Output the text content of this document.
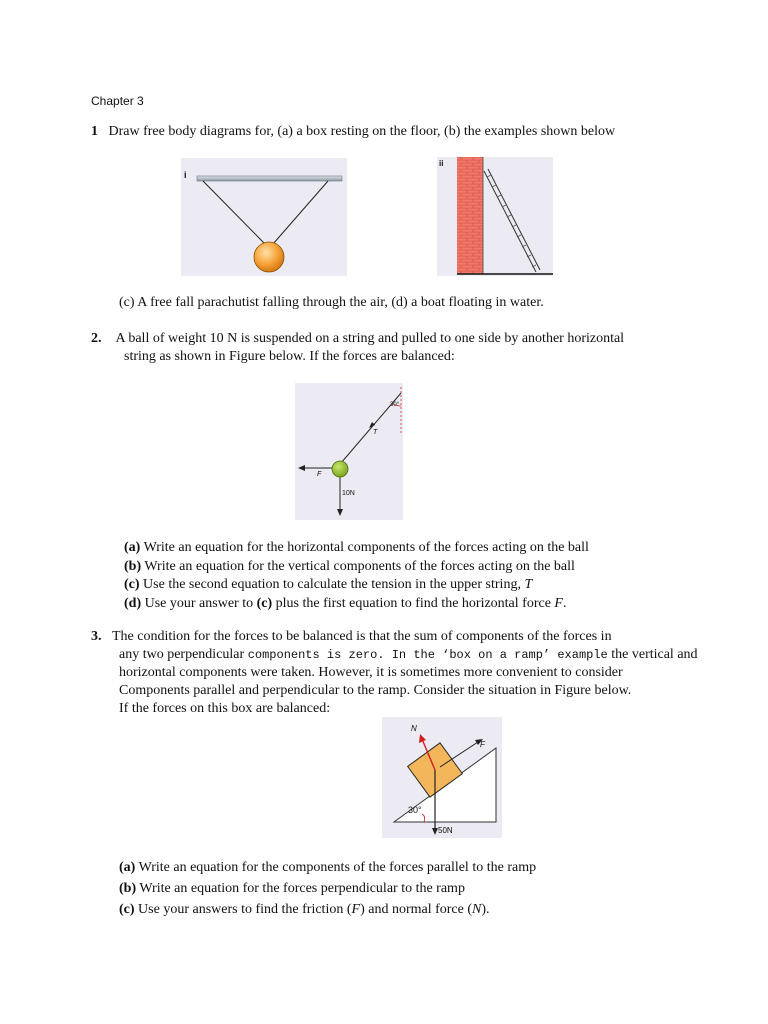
Chapter 3
1 Draw free body diagrams for, (a) a box resting on the floor, (b) the examples shown below
i
ii
(c) A free fall parachutist falling through the air, (d) a boat floating in water.
2. A ball of weight 10 N is suspended on a string and pulled to one side by another horizontal
string as shown in Figure below. If the forces are balanced:
30°
T
F
10N
(a) Write an equation for the horizontal components of the forces acting on the ball
(b) Write an equation for the vertical components of the forces acting on the ball
(c) Use the second equation to calculate the tension in the upper string, T
(d) Use your answer to (c) plus the first equation to find the horizontal force F.
3. The condition for the forces to be balanced is that the sum of components of the forces in
any two perpendicular components is zero. In the ‘box on a ramp’ example the vertical and
horizontal components were taken. However, it is sometimes more convenient to consider
Components parallel and perpendicular to the ramp. Consider the situation in Figure below.
If the forces on this box are balanced:
N
F
30°
50N
(a) Write an equation for the components of the forces parallel to the ramp
(b) Write an equation for the forces perpendicular to the ramp
(c) Use your answers to find the friction (F) and normal force (N).
